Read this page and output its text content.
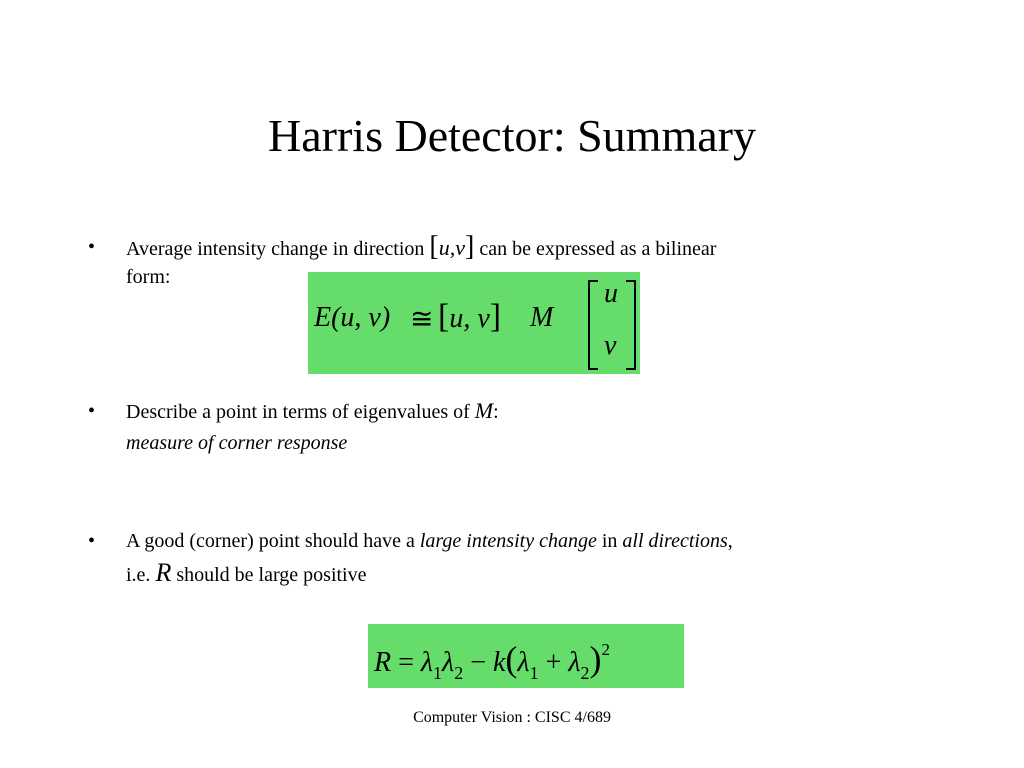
Harris Detector: Summary
• Average intensity change in direction [u,v] can be expressed as a bilinear
form:
E(u, v) ≅ [u, v] M
u
v
• Describe a point in terms of eigenvalues of M:
measure of corner response
• A good (corner) point should have a large intensity change in all directions,
i.e. R should be large positive
$R = \lambda_1\lambda_2 - k(\lambda_1 + \lambda_2)^2$
Computer Vision : CISC 4/689
